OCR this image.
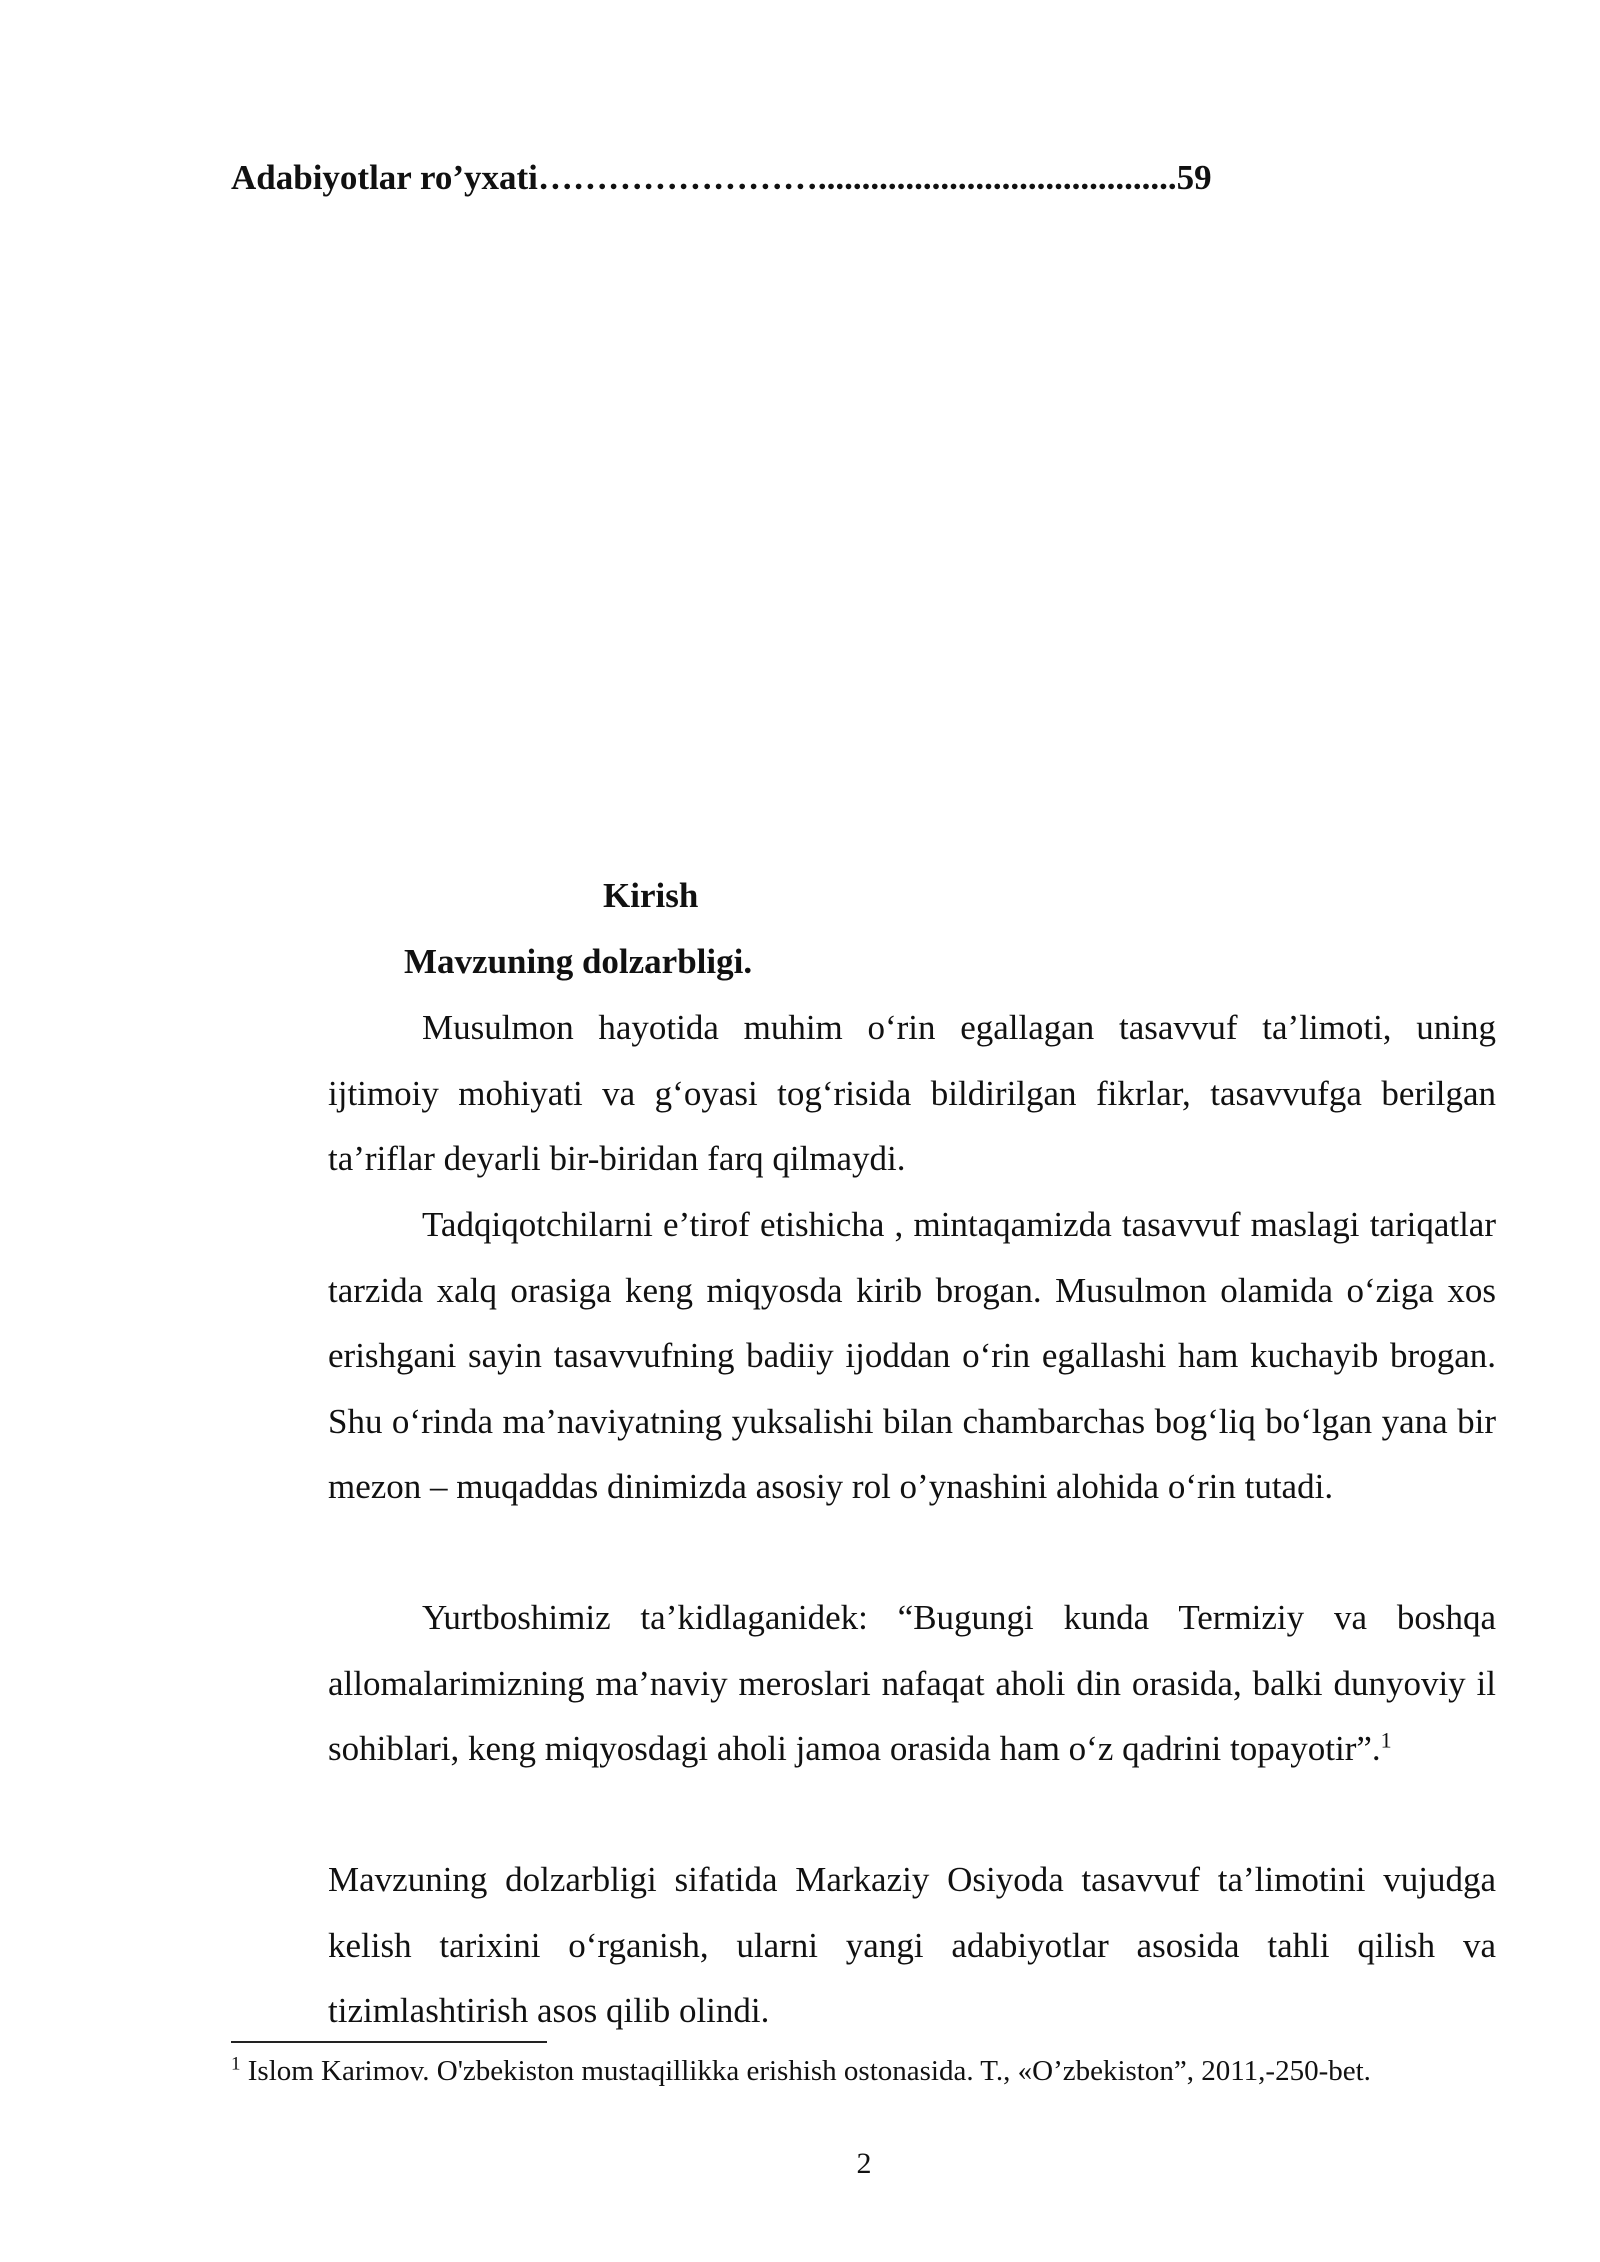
Adabiyotlar ro’yxati…………………….........................................59
Kirish
Mavzuning dolzarbligi.

Musulmon hayotida muhim o‘rin egallagan tasavvuf ta’limoti, uning ijtimoiy mohiyati va g‘oyasi tog‘risida bildirilgan fikrlar, tasavvufga berilgan ta’riflar deyarli bir-biridan farq qilmaydi.

Tadqiqotchilarni e’tirof etishicha , mintaqamizda tasavvuf maslagi tariqatlar tarzida xalq orasiga keng miqyosda kirib brogan. Musulmon olamida o‘ziga xos erishgani sayin tasavvufning badiiy ijoddan o‘rin egallashi ham kuchayib brogan. Shu o‘rinda ma’naviyatning yuksalishi bilan chambarchas bog‘liq bo‘lgan yana bir mezon – muqaddas dinimizda asosiy rol o’ynashini alohida o‘rin tutadi.

Yurtboshimiz ta’kidlaganidek: “Bugungi kunda Termiziy va boshqa allomalarimizning ma’naviy meroslari nafaqat aholi din orasida, balki dunyoviy il sohiblari, keng miqyosdagi aholi jamoa orasida ham o‘z qadrini topayotir”.$^1$

Mavzuning dolzarbligi sifatida Markaziy Osiyoda tasavvuf ta’limotini vujudga kelish tarixini o‘rganish, ularni yangi adabiyotlar asosida tahli qilish va tizimlashtirish asos qilib olindi.

$^1$ Islom Karimov. O'zbekiston mustaqillikka erishish ostonasida. T., «O’zbekiston”, 2011,-250-bet.
2
